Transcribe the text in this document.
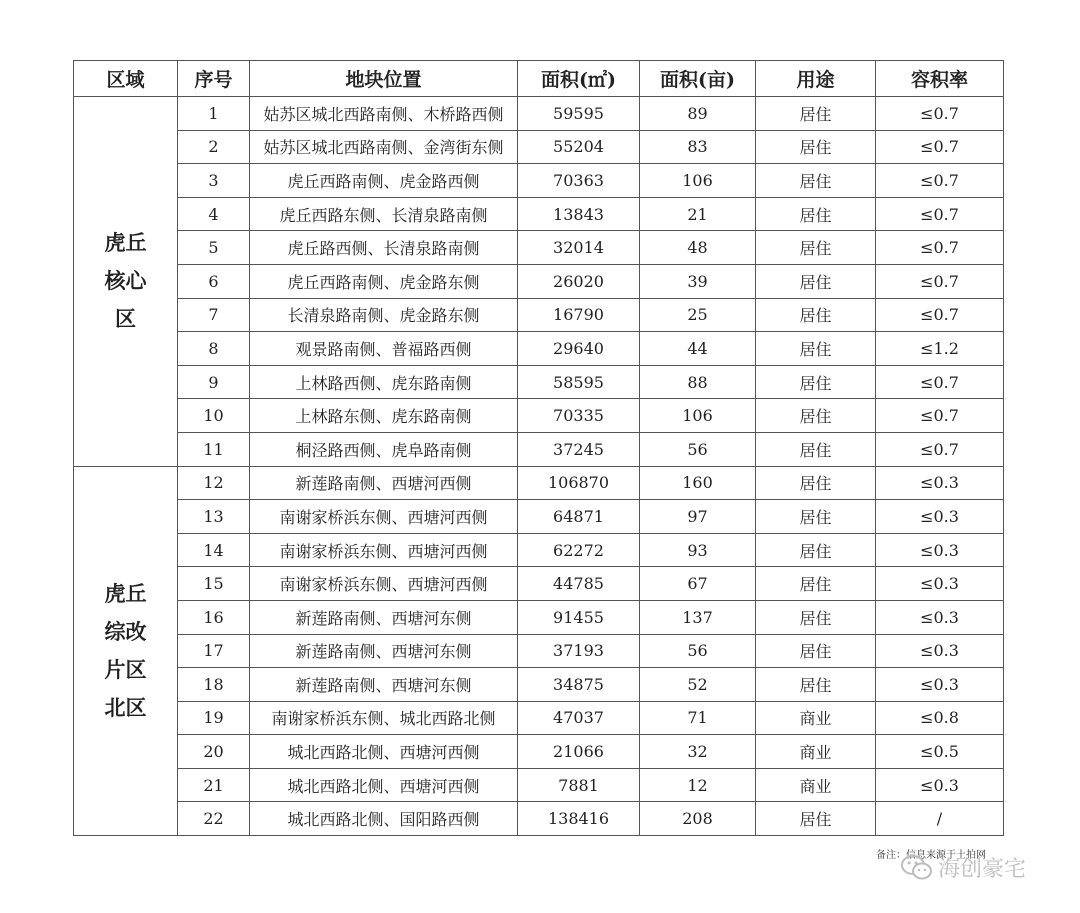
区域	序号	地块位置	面积(㎡)	面积(亩)	用途	容积率

虎丘
核心
区	1	姑苏区城北西路南侧、木桥路西侧	59595	89	居住	≤0.7
	2	姑苏区城北西路南侧、金湾街东侧	55204	83	居住	≤0.7
	3	虎丘西路南侧、虎金路西侧	70363	106	居住	≤0.7
	4	虎丘西路东侧、长清泉路南侧	13843	21	居住	≤0.7
	5	虎丘路西侧、长清泉路南侧	32014	48	居住	≤0.7
	6	虎丘西路南侧、虎金路东侧	26020	39	居住	≤0.7
	7	长清泉路南侧、虎金路东侧	16790	25	居住	≤0.7
	8	观景路南侧、普福路西侧	29640	44	居住	≤1.2
	9	上林路西侧、虎东路南侧	58595	88	居住	≤0.7
	10	上林路东侧、虎东路南侧	70335	106	居住	≤0.7
	11	桐泾路西侧、虎阜路南侧	37245	56	居住	≤0.7

虎丘
综改
片区
北区	12	新莲路南侧、西塘河西侧	106870	160	居住	≤0.3
	13	南谢家桥浜东侧、西塘河西侧	64871	97	居住	≤0.3
	14	南谢家桥浜东侧、西塘河西侧	62272	93	居住	≤0.3
	15	南谢家桥浜东侧、西塘河西侧	44785	67	居住	≤0.3
	16	新莲路南侧、西塘河东侧	91455	137	居住	≤0.3
	17	新莲路南侧、西塘河东侧	37193	56	居住	≤0.3
	18	新莲路南侧、西塘河东侧	34875	52	居住	≤0.3
	19	南谢家桥浜东侧、城北西路北侧	47037	71	商业	≤0.8
	20	城北西路北侧、西塘河西侧	21066	32	商业	≤0.5
	21	城北西路北侧、西塘河西侧	7881	12	商业	≤0.3
	22	城北西路北侧、国阳路西侧	138416	208	居住	/
备注：信息来源于土拍网
海创豪宅
